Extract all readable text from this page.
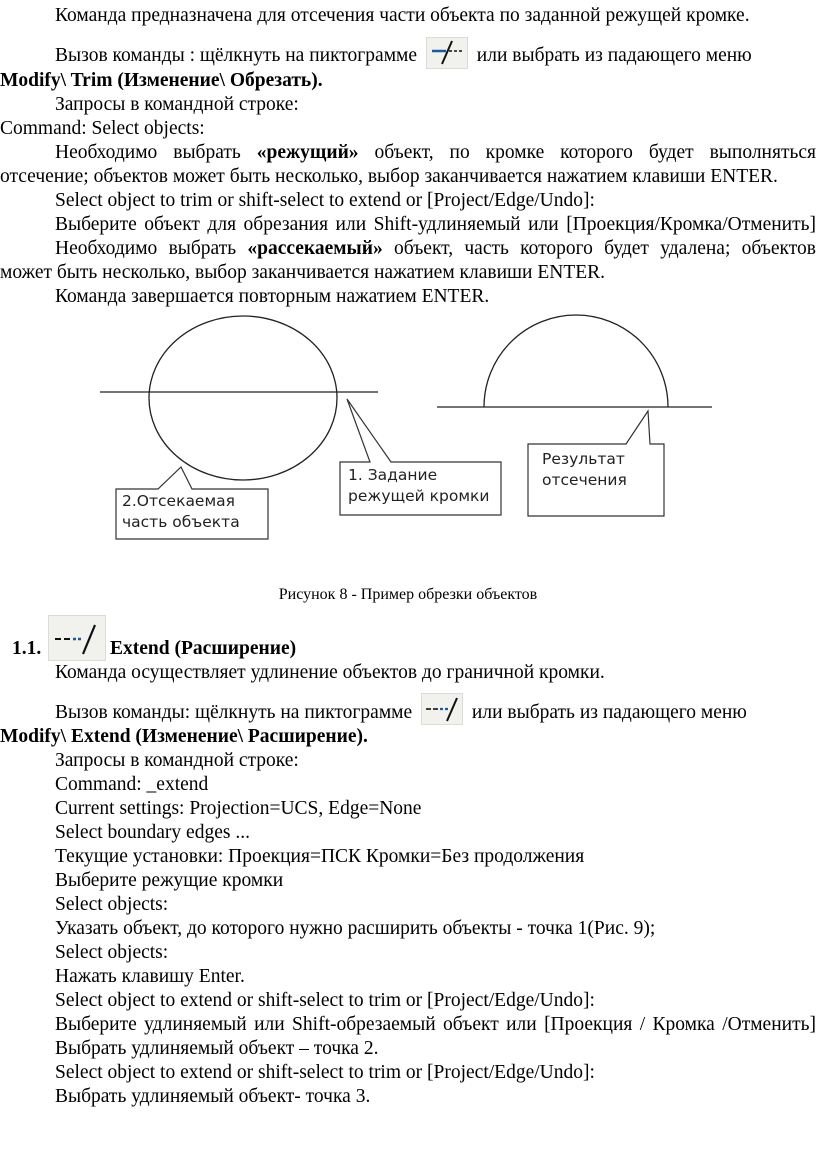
Команда предназначена для отсечения части объекта по заданной режущей кромке.

Вызов команды : щёлкнуть на пиктограмме	или выбрать из падающего меню

Modify\ Trim (Изменение\ Обрезать).

Запросы в командной строке:

Command: Select objects:

Необходимо выбрать «режущий» объект, по кромке которого будет выполняться отсечение; объектов может быть несколько, выбор заканчивается нажатием клавиши ENTER.

Select object to trim or shift-select to extend or [Project/Edge/Undo]:

Выберите объект для обрезания или Shift-удлиняемый или [Проекция/Кромка/Отменить]

Необходимо выбрать «рассекаемый» объект, часть которого будет удалена; объектов может быть несколько, выбор заканчивается нажатием клавиши ENTER.

Команда завершается повторным нажатием ENTER.

2.Отсекаемая
часть объекта
1. Задание
режущей кромки
Результат
отсечения

Рисунок 8 - Пример обрезки объектов

1.1.	Extend (Расширение)

Команда осуществляет удлинение объектов до граничной кромки.

Вызов команды: щёлкнуть на пиктограмме	или выбрать из падающего меню

Modify\ Extend (Изменение\ Расширение).

Запросы в командной строке:

Command: _extend

Current settings: Projection=UCS, Edge=None

Select boundary edges ...

Текущие установки: Проекция=ПСК Кромки=Без продолжения

Выберите режущие кромки

Select objects:

Указать объект, до которого нужно расширить объекты - точка 1(Рис. 9);

Select objects:

Нажать клавишу Enter.

Select object to extend or shift-select to trim or [Project/Edge/Undo]:

Выберите удлиняемый или Shift-обрезаемый объект или [Проекция / Кромка /Отменить]

Выбрать удлиняемый объект – точка 2.

Select object to extend or shift-select to trim or [Project/Edge/Undo]:

Выбрать удлиняемый объект- точка 3.
